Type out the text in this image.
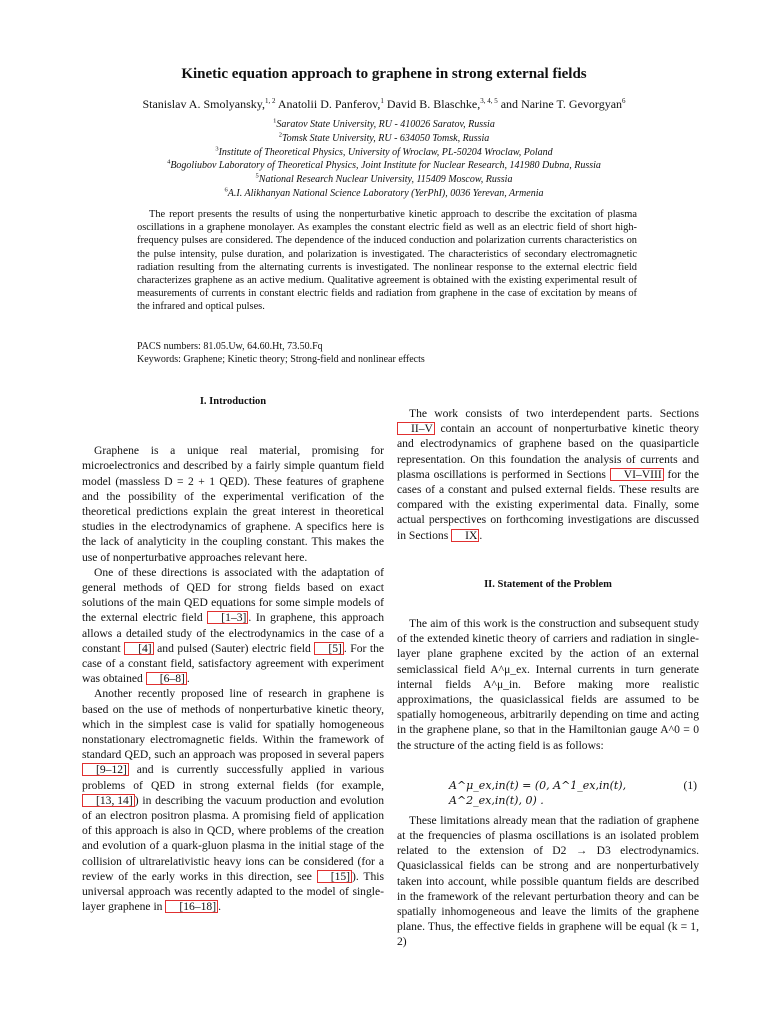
Kinetic equation approach to graphene in strong external fields
Stanislav A. Smolyansky,$^{1, 2}$ Anatolii D. Panferov,$^1$ David B. Blaschke,$^{3, 4, 5}$ and Narine T. Gevorgyan$^6$
$^1$Saratov State University, RU - 410026 Saratov, Russia
$^2$Tomsk State University, RU - 634050 Tomsk, Russia
$^3$Institute of Theoretical Physics, University of Wroclaw, PL-50204 Wroclaw, Poland
$^4$Bogoliubov Laboratory of Theoretical Physics, Joint Institute for Nuclear Research, 141980 Dubna, Russia
$^5$National Research Nuclear University, 115409 Moscow, Russia
$^6$A.I. Alikhanyan National Science Laboratory (YerPhI), 0036 Yerevan, Armenia

The report presents the results of using the nonperturbative kinetic approach to describe the excitation of plasma oscillations in a graphene monolayer. As examples the constant electric field as well as an electric field of short high-frequency pulses are considered. The dependence of the induced conduction and polarization currents characteristics on the pulse intensity, pulse duration, and polarization is investigated. The characteristics of secondary electromagnetic radiation resulting from the alternating currents is investigated. The nonlinear response to the external electric field characterizes graphene as an active medium. Qualitative agreement is obtained with the existing experimental result of measurements of currents in constant electric fields and radiation from graphene in the case of excitation by means of the infrared and optical pulses.

PACS numbers: 81.05.Uw, 64.60.Ht, 73.50.Fq
Keywords: Graphene; Kinetic theory; Strong-field and nonlinear effects
I. Introduction

Graphene is a unique real material, promising for microelectronics and described by a fairly simple quantum field model (massless D = 2 + 1 QED). These features of graphene and the possibility of the experimental verification of the theoretical predictions explain the great interest in theoretical studies in the electrodynamics of graphene. A specifics here is the lack of analyticity in the coupling constant. This makes the use of nonperturbative approaches relevant here.

One of these directions is associated with the adaptation of general methods of QED for strong fields based on exact solutions of the main QED equations for some simple models of the external electric field [1–3] . In graphene, this approach allows a detailed study of the electrodynamics in the case of a constant [4] and pulsed (Sauter) electric field [5] . For the case of a constant field, satisfactory agreement with experiment was obtained [6–8] .

Another recently proposed line of research in graphene is based on the use of methods of nonperturbative kinetic theory, which in the simplest case is valid for spatially homogeneous nonstationary electromagnetic fields. Within the framework of standard QED, such an approach was proposed in several papers [9–12] and is currently successfully applied in various problems of QED in strong external fields (for example, [13, 14] ) in describing the vacuum production and evolution of an electron positron plasma. A promising field of application of this approach is also in QCD, where problems of the creation and evolution of a quark-gluon plasma in the initial stage of the collision of ultrarelativistic heavy ions can be considered (for a review of the early works in this direction, see [15] ). This universal approach was recently adapted to the model of single-layer graphene in [16–18] .

The work consists of two interdependent parts. Sections II–V contain an account of nonperturbative kinetic theory and electrodynamics of graphene based on the quasiparticle representation. On this foundation the analysis of currents and plasma oscillations is performed in Sections VI–VIII for the cases of a constant and pulsed external fields. These results are compared with the existing experimental data. Finally, some actual perspectives on forthcoming investigations are discussed in Sections IX .

II. Statement of the Problem

The aim of this work is the construction and subsequent study of the extended kinetic theory of carriers and radiation in single-layer plane graphene excited by the action of an external semiclassical field A^μ_ex. Internal currents in turn generate internal fields A^μ_in. Before making more realistic approximations, the quasiclassical fields are assumed to be spatially homogeneous, arbitrarily depending on time and acting in the graphene plane, so that in the Hamiltonian gauge A^0 = 0 the structure of the acting field is as follows:

A^μ_ex,in(t) = (0, A^1_ex,in(t), A^2_ex,in(t), 0) .
(1)

These limitations already mean that the radiation of graphene at the frequencies of plasma oscillations is an isolated problem related to the extension of D2 → D3 electrodynamics. Quasiclassical fields can be strong and are nonperturbatively taken into account, while possible quantum fields are described in the framework of the relevant perturbation theory and can be spatially inhomogeneous and leave the limits of the graphene plane. Thus, the effective fields in graphene will be equal (k = 1, 2)
